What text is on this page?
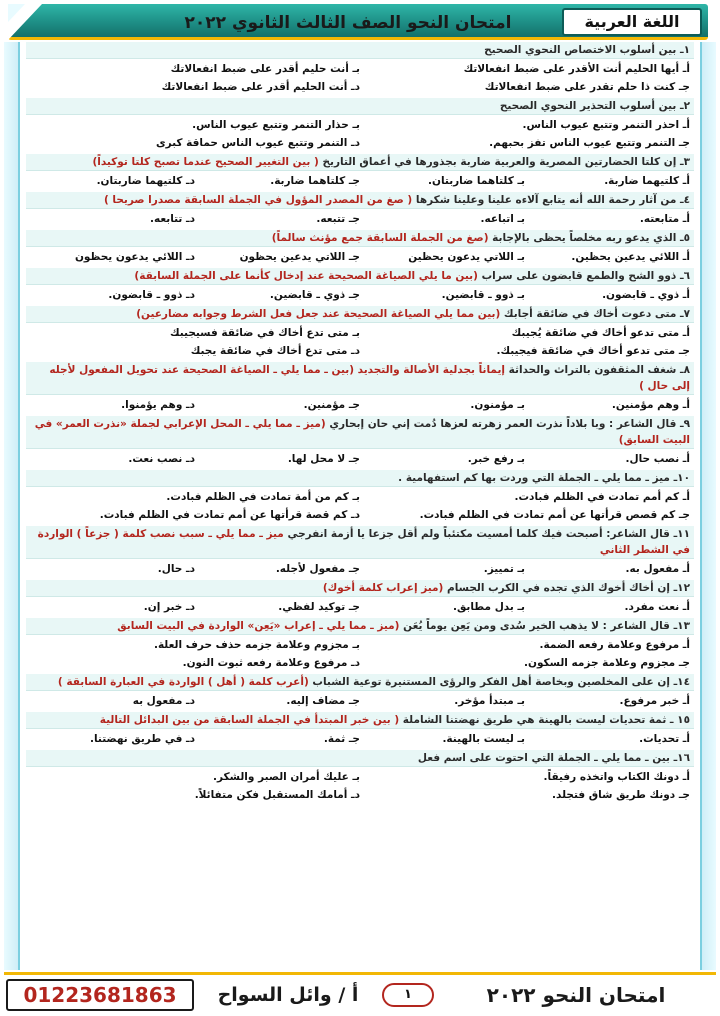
امتحان النحو الصف الثالث الثانوي ٢٠٢٢	اللغة العربية
١ـ بين أسلوب الاختصاص النحوي الصحيح
أـ أيها الحليم أنت الأقدر على ضبط انفعالاتك
بـ أنت حليم أقدر على ضبط انفعالاتك
جـ كنت ذا حلم تقدر على ضبط انفعالاتك
دـ أنت الحليم أقدر على ضبط انفعالاتك
٢ـ بين أسلوب التحذير النحوي الصحيح
أـ احذر التنمر وتتبع عيوب الناس.
بـ حذار التنمر وتتبع عيوب الناس.
جـ التنمر وتتبع عيوب الناس تفز بحبهم.
دـ التنمر وتتبع عيوب الناس حماقة كبرى
٣ـ إن كلتا الحضارتين المصرية والعربية ضاربة بجذورها في أعماق التاريخ ( بين التغيير الصحيح عندما تصبح كلتا توكيداً)
أـ كلتيهما ضاربة.
بـ كلتاهما ضاربتان.
جـ كلتاهما ضاربة.
دـ كلتيهما ضاربتان.
٤ـ من آثار رحمة الله أنه يتابع آلاءه علينا وعلينا شكرها ( صغ من المصدر المؤول في الجملة السابقة مصدرا صريحا )
أـ متابعته.
بـ اتباعه.
جـ تتبعه.
دـ تتابعه.
٥ـ الذي يدعو ربه مخلصاً يحظى بالإجابة (صغ من الجملة السابقة جمع مؤنث سالماً)
أـ اللائي يدعين يحظين.
بـ اللاتي يدعون يحظين
جـ اللاتي يدعين يحظون
دـ اللائي يدعون يحظون
٦ـ ذوو الشح والطمع قابضون على سراب (بين ما يلي الصياغة الصحيحة عند إدخال كأنما على الجملة السابقة)
أـ ذوي ـ قابضون.
بـ ذوو ـ قابضين.
جـ ذوي ـ قابضين.
دـ ذوو ـ قابضون.
٧ـ متى دعوت أخاك في ضائقة أجابك (بين مما يلي الصياغة الصحيحة عند جعل فعل الشرط وجوابه مضارعين)
أـ متى تدعو أخاك في ضائقة يُجيبك
بـ متى تدع أخاك في ضائقة فسيجيبك
جـ متى تدعو أخاك في ضائقة فيجيبك.
دـ متى تدع أخاك في ضائقة يجبك
٨ـ شغف المثقفون بالتراث والحداثة إيماناً بجدلية الأصالة والتجديد (بين ـ مما يلي ـ الصياغة الصحيحة عند تحويل المفعول لأجله إلى حال )
أـ وهم مؤمنين.
بـ مؤمنون.
جـ مؤمنين.
دـ وهم يؤمنوا.
٩ـ قال الشاعر : وبا بلاداً نذرت العمر زهرته لعزها دُمت إني حان إبحاري (ميز ـ مما يلي ـ المحل الإعرابي لجملة «نذرت العمر» في البيت السابق)
أـ نصب حال.
بـ رفع خبر.
جـ لا محل لها.
دـ نصب نعت.
١٠ـ ميز ـ مما يلي ـ الجملة التي وردت بها كم استفهامية .
أـ كم أمم تمادت في الظلم فبادت.
بـ كم من أمة تمادت في الظلم فبادت.
جـ كم قصص قرأتها عن أمم تمادت في الظلم فبادت.
دـ كم قصة قرأتها عن أمم تمادت في الظلم فبادت.
١١ـ قال الشاعر: أصبحت فيك كلما أمسيت مكتئباً ولم أقل جزعا يا أزمة انفرجي ميز ـ مما يلي ـ سبب نصب كلمة ( جزعاً ) الواردة في الشطر الثاني
أـ مفعول به.
بـ تمييز.
جـ مفعول لأجله.
دـ حال.
١٢ـ إن أخاك أخوك الذي تجده في الكرب الجسام (ميز إعراب كلمة أخوك)
أـ نعت مفرد.
بـ بدل مطابق.
جـ توكيد لفظي.
دـ خبر إن.
١٣ـ قال الشاعر : لا يذهب الخير سُدى ومن يَعِن يوماً يُعَن (ميز ـ مما يلي ـ إعراب «يَعِن» الواردة في البيت السابق
أـ مرفوع وعلامة رفعه الضمة.
بـ مجزوم وعلامة جزمه حذف حرف العلة.
جـ مجزوم وعلامة جزمه السكون.
دـ مرفوع وعلامة رفعه ثبوت النون.
١٤ـ إن على المخلصين وبخاصة أهل الفكر والرؤى المستنيرة توعية الشباب (أعرب كلمة ( أهل ) الواردة في العبارة السابقة )
أـ خبر مرفوع.
بـ مبتدأ مؤخر.
جـ مضاف إليه.
دـ مفعول به
١٥ ـ ثمة تحديات ليست بالهينة هي طريق نهضتنا الشاملة ( بين خبر المبتدأ في الجملة السابقة من بين البدائل التالية
أـ تحديات.
بـ ليست بالهينة.
جـ ثمة.
دـ في طريق نهضتنا.
١٦ـ بين ـ مما يلي ـ الجملة التي احتوت على اسم فعل
أـ دونك الكتاب واتخذه رفيقاً.
بـ عليك أمران الصبر والشكر.
جـ دونك طريق شاق فتجلد.
دـ أمامك المستقبل فكن متفائلاً.
01223681863	أ / وائل السواح	١	امتحان النحو ٢٠٢٢
